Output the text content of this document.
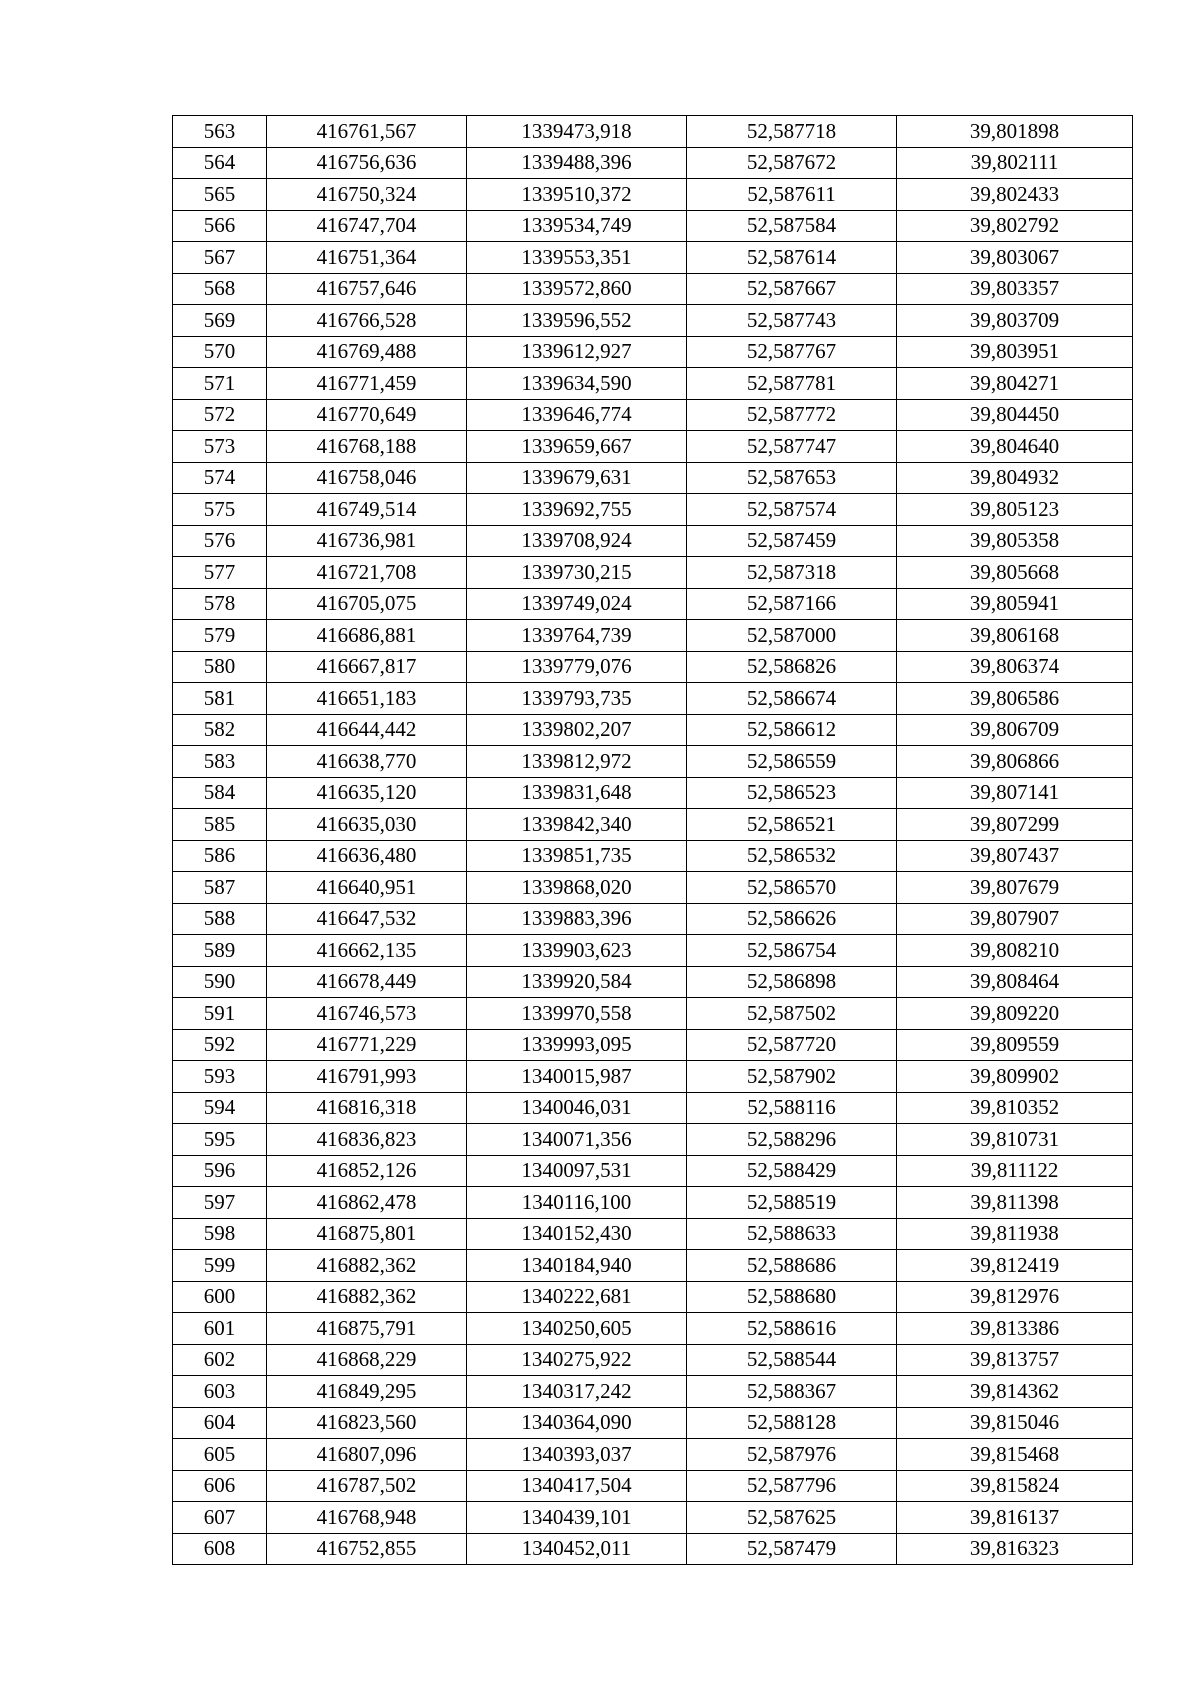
563	416761,567	1339473,918	52,587718	39,801898
564	416756,636	1339488,396	52,587672	39,802111
565	416750,324	1339510,372	52,587611	39,802433
566	416747,704	1339534,749	52,587584	39,802792
567	416751,364	1339553,351	52,587614	39,803067
568	416757,646	1339572,860	52,587667	39,803357
569	416766,528	1339596,552	52,587743	39,803709
570	416769,488	1339612,927	52,587767	39,803951
571	416771,459	1339634,590	52,587781	39,804271
572	416770,649	1339646,774	52,587772	39,804450
573	416768,188	1339659,667	52,587747	39,804640
574	416758,046	1339679,631	52,587653	39,804932
575	416749,514	1339692,755	52,587574	39,805123
576	416736,981	1339708,924	52,587459	39,805358
577	416721,708	1339730,215	52,587318	39,805668
578	416705,075	1339749,024	52,587166	39,805941
579	416686,881	1339764,739	52,587000	39,806168
580	416667,817	1339779,076	52,586826	39,806374
581	416651,183	1339793,735	52,586674	39,806586
582	416644,442	1339802,207	52,586612	39,806709
583	416638,770	1339812,972	52,586559	39,806866
584	416635,120	1339831,648	52,586523	39,807141
585	416635,030	1339842,340	52,586521	39,807299
586	416636,480	1339851,735	52,586532	39,807437
587	416640,951	1339868,020	52,586570	39,807679
588	416647,532	1339883,396	52,586626	39,807907
589	416662,135	1339903,623	52,586754	39,808210
590	416678,449	1339920,584	52,586898	39,808464
591	416746,573	1339970,558	52,587502	39,809220
592	416771,229	1339993,095	52,587720	39,809559
593	416791,993	1340015,987	52,587902	39,809902
594	416816,318	1340046,031	52,588116	39,810352
595	416836,823	1340071,356	52,588296	39,810731
596	416852,126	1340097,531	52,588429	39,811122
597	416862,478	1340116,100	52,588519	39,811398
598	416875,801	1340152,430	52,588633	39,811938
599	416882,362	1340184,940	52,588686	39,812419
600	416882,362	1340222,681	52,588680	39,812976
601	416875,791	1340250,605	52,588616	39,813386
602	416868,229	1340275,922	52,588544	39,813757
603	416849,295	1340317,242	52,588367	39,814362
604	416823,560	1340364,090	52,588128	39,815046
605	416807,096	1340393,037	52,587976	39,815468
606	416787,502	1340417,504	52,587796	39,815824
607	416768,948	1340439,101	52,587625	39,816137
608	416752,855	1340452,011	52,587479	39,816323
